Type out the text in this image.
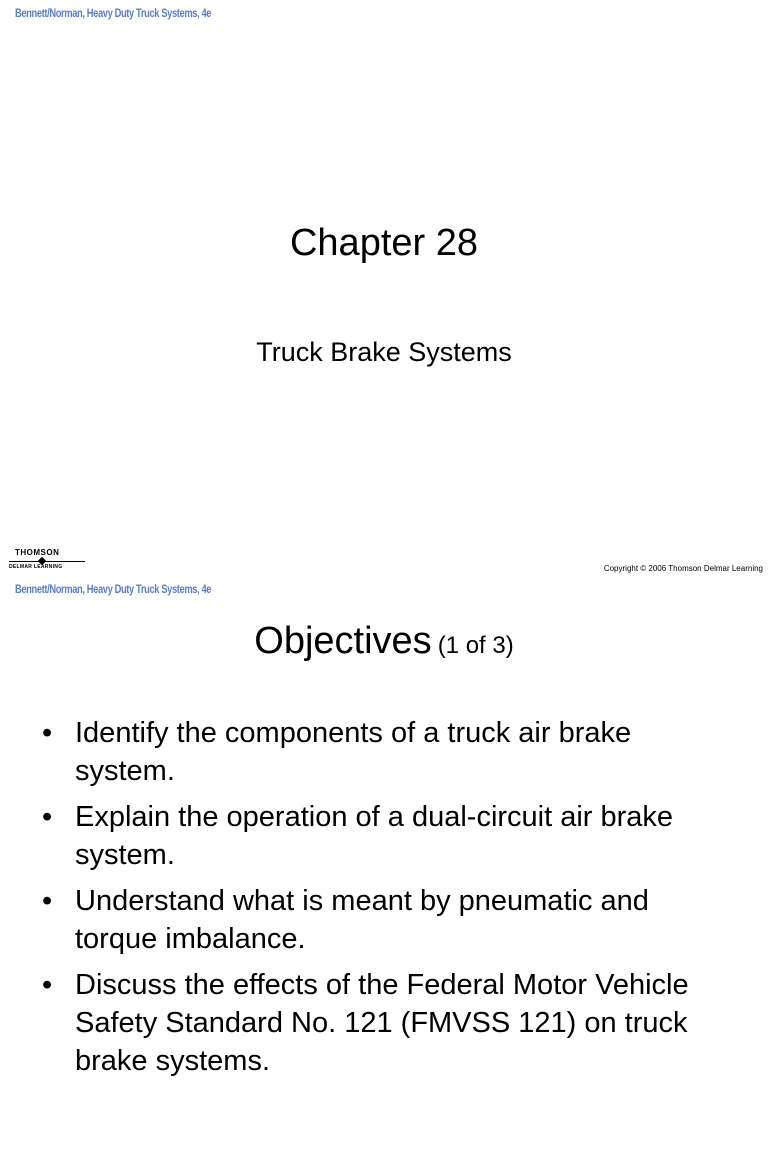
Bennett/Norman, Heavy Duty Truck Systems, 4e
Chapter 28
Truck Brake Systems
THOMSON
DELMAR LEARNING	Copyright © 2006 Thomson Delmar Learning
Bennett/Norman, Heavy Duty Truck Systems, 4e
Objectives (1 of 3)
• Identify the components of a truck air brake system.
• Explain the operation of a dual-circuit air brake system.
• Understand what is meant by pneumatic and torque imbalance.
• Discuss the effects of the Federal Motor Vehicle Safety Standard No. 121 (FMVSS 121) on truck brake systems.
